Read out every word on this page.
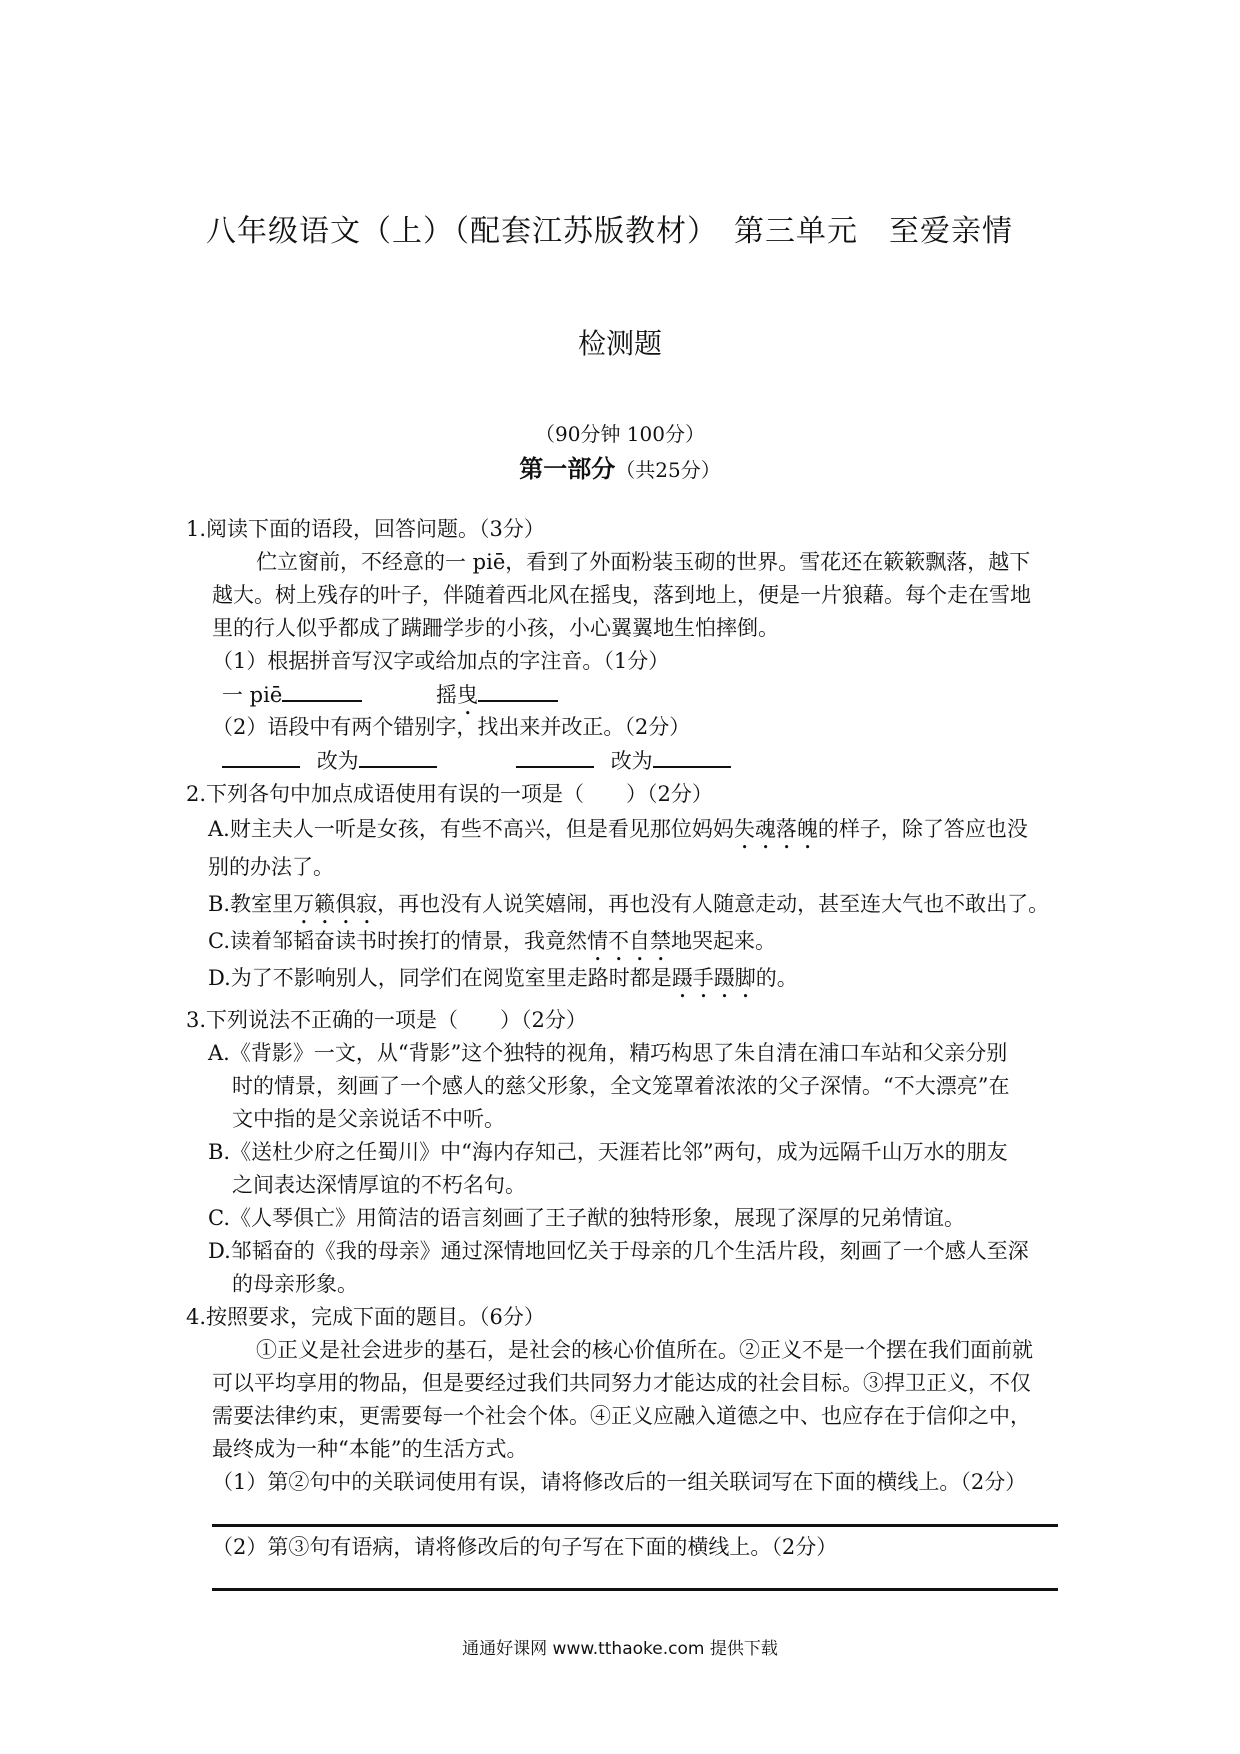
八年级语文（上）（配套江苏版教材）　第三单元　至爱亲情
检测题
（90分钟 100分）
第一部分（共25分）
1.阅读下面的语段，回答问题。（3分）
伫立窗前，不经意的一 piē，看到了外面粉装玉砌的世界。雪花还在簌簌飘落，越下
越大。树上残存的叶子，伴随着西北风在摇曳，落到地上，便是一片狼藉。每个走在雪地
里的行人似乎都成了蹒跚学步的小孩，小心翼翼地生怕摔倒。
（1）根据拼音写汉字或给加点的字注音。（1分）
一 piē	摇曳
（2）语段中有两个错别字，找出来并改正。（2分）
改为	改为
2.下列各句中加点成语使用有误的一项是（　　）（2分）
A.财主夫人一听是女孩，有些不高兴，但是看见那位妈妈失魂落魄的样子，除了答应也没
别的办法了。
B.教室里万籁俱寂，再也没有人说笑嬉闹，再也没有人随意走动，甚至连大气也不敢出了。
C.读着邹韬奋读书时挨打的情景，我竟然情不自禁地哭起来。
D.为了不影响别人，同学们在阅览室里走路时都是蹑手蹑脚的。
3.下列说法不正确的一项是（　　）（2分）
A.《背影》一文，从“背影”这个独特的视角，精巧构思了朱自清在浦口车站和父亲分别
时的情景，刻画了一个感人的慈父形象，全文笼罩着浓浓的父子深情。“不大漂亮”在
文中指的是父亲说话不中听。
B.《送杜少府之任蜀川》中“海内存知己，天涯若比邻”两句，成为远隔千山万水的朋友
之间表达深情厚谊的不朽名句。
C.《人琴俱亡》用简洁的语言刻画了王子猷的独特形象，展现了深厚的兄弟情谊。
D.邹韬奋的《我的母亲》通过深情地回忆关于母亲的几个生活片段，刻画了一个感人至深
的母亲形象。
4.按照要求，完成下面的题目。（6分）
①正义是社会进步的基石，是社会的核心价值所在。②正义不是一个摆在我们面前就
可以平均享用的物品，但是要经过我们共同努力才能达成的社会目标。③捍卫正义，不仅
需要法律约束，更需要每一个社会个体。④正义应融入道德之中、也应存在于信仰之中，
最终成为一种“本能”的生活方式。
（1）第②句中的关联词使用有误，请将修改后的一组关联词写在下面的横线上。（2分）
（2）第③句有语病，请将修改后的句子写在下面的横线上。（2分）
通通好课网 www.tthaoke.com 提供下载
